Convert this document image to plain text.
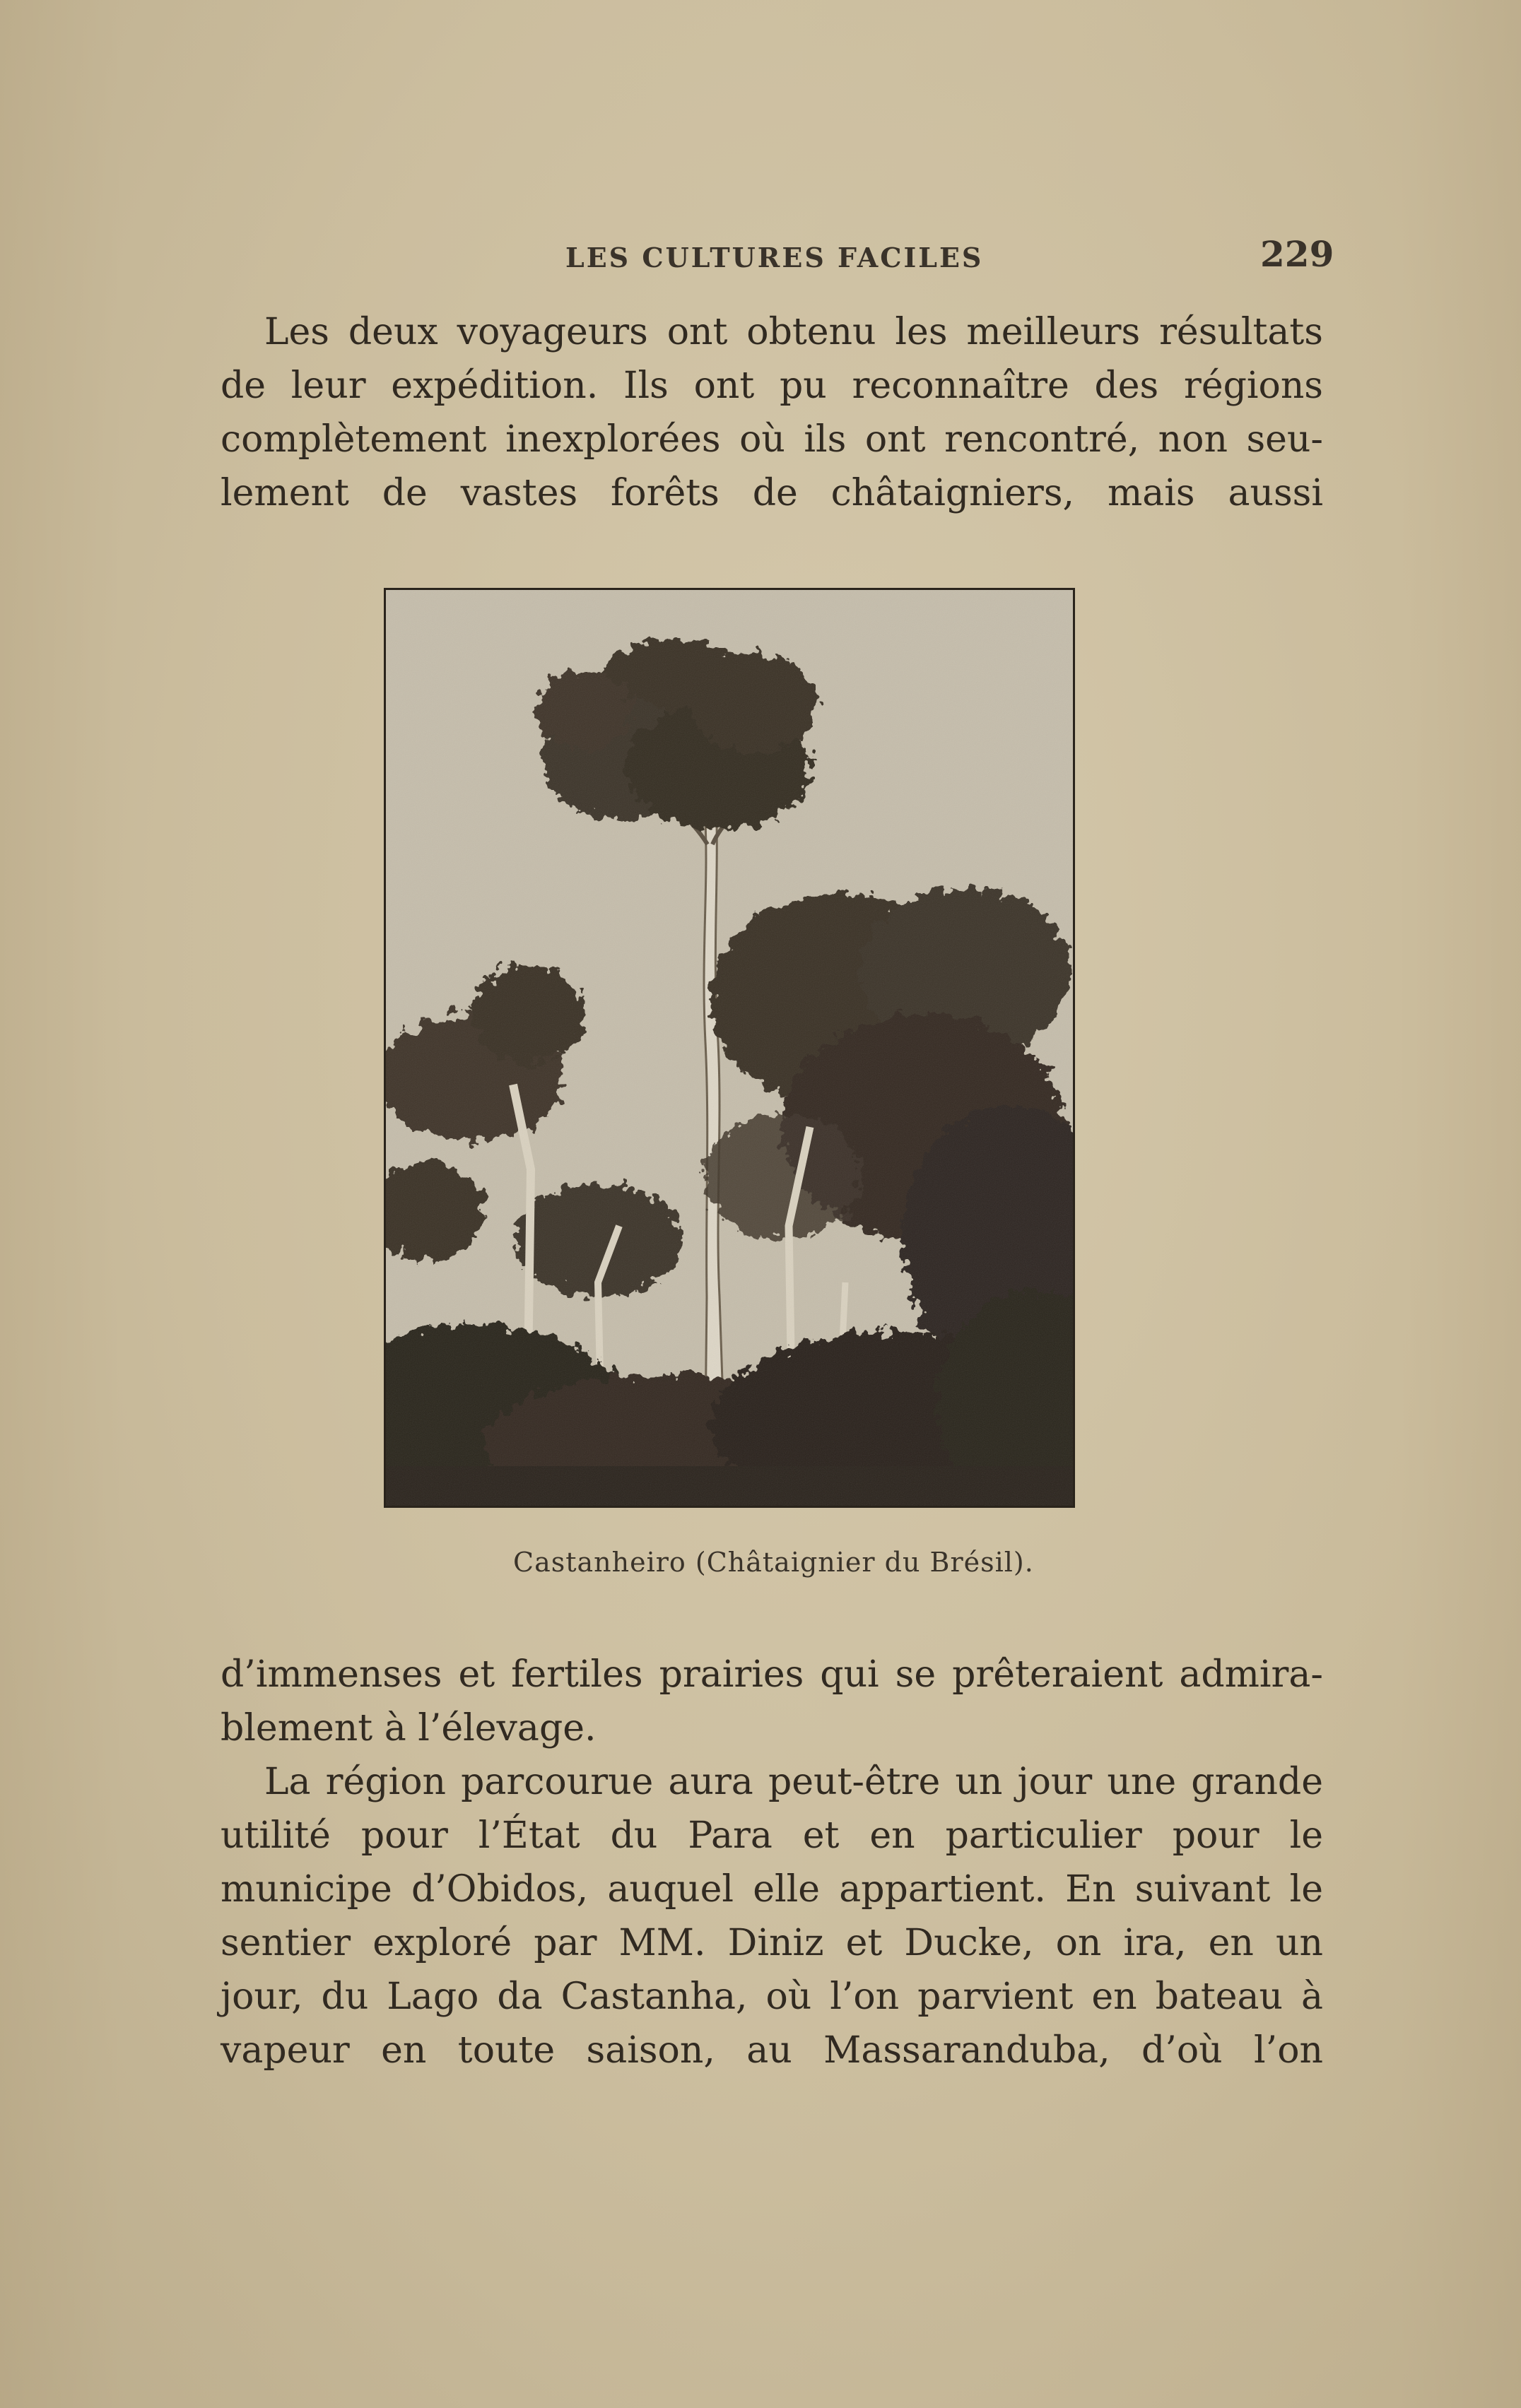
LES CULTURES FACILES	229
Les deux voyageurs ont obtenu les meilleurs résultats
de leur expédition. Ils ont pu reconnaître des régions
complètement inexplorées où ils ont rencontré, non seu-
lement de vastes forêts de châtaigniers, mais aussi
Castanheiro (Châtaignier du Brésil).
d’immenses et fertiles prairies qui se prêteraient admira-
blement à l’élevage.
La région parcourue aura peut-être un jour une grande
utilité pour l’État du Para et en particulier pour le
municipe d’Obidos, auquel elle appartient. En suivant le
sentier exploré par MM. Diniz et Ducke, on ira, en un
jour, du Lago da Castanha, où l’on parvient en bateau à
vapeur en toute saison, au Massaranduba, d’où l’on
